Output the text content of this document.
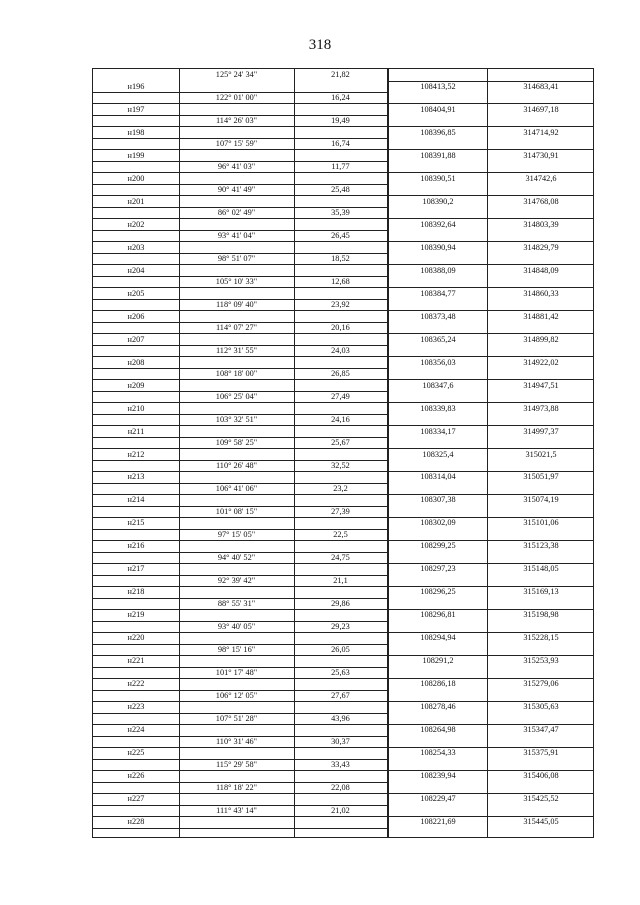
318
125° 24' 34"	21,82
н196	108413,52	314683,41
122° 01' 00"	16,24
н197	108404,91	314697,18
114° 26' 03"	19,49
н198	108396,85	314714,92
107° 15' 59"	16,74
н199	108391,88	314730,91
96° 41' 03"	11,77
н200	108390,51	314742,6
90° 41' 49"	25,48
н201	108390,2	314768,08
86° 02' 49"	35,39
н202	108392,64	314803,39
93° 41' 04"	26,45
н203	108390,94	314829,79
98° 51' 07"	18,52
н204	108388,09	314848,09
105° 10' 33"	12,68
н205	108384,77	314860,33
118° 09' 40"	23,92
н206	108373,48	314881,42
114° 07' 27"	20,16
н207	108365,24	314899,82
112° 31' 55"	24,03
н208	108356,03	314922,02
108° 18' 00"	26,85
н209	108347,6	314947,51
106° 25' 04"	27,49
н210	108339,83	314973,88
103° 32' 51"	24,16
н211	108334,17	314997,37
109° 58' 25"	25,67
н212	108325,4	315021,5
110° 26' 48"	32,52
н213	108314,04	315051,97
106° 41' 06"	23,2
н214	108307,38	315074,19
101° 08' 15"	27,39
н215	108302,09	315101,06
97° 15' 05"	22,5
н216	108299,25	315123,38
94° 40' 52"	24,75
н217	108297,23	315148,05
92° 39' 42"	21,1
н218	108296,25	315169,13
88° 55' 31"	29,86
н219	108296,81	315198,98
93° 40' 05"	29,23
н220	108294,94	315228,15
98° 15' 16"	26,05
н221	108291,2	315253,93
101° 17' 48"	25,63
н222	108286,18	315279,06
106° 12' 05"	27,67
н223	108278,46	315305,63
107° 51' 28"	43,96
н224	108264,98	315347,47
110° 31' 46"	30,37
н225	108254,33	315375,91
115° 29' 58"	33,43
н226	108239,94	315406,08
118° 18' 22"	22,08
н227	108229,47	315425,52
111° 43' 14"	21,02
н228	108221,69	315445,05
